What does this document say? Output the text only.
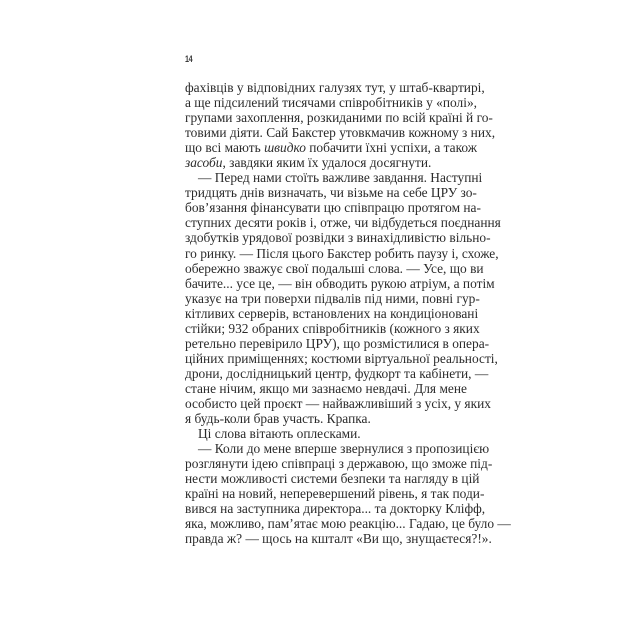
14
фахівців у відповідних галузях тут, у штаб-квартирі,
а ще підсилений тисячами співробітників у «полі»,
групами захоплення, розкиданими по всій країні й го-
товими діяти. Сай Бакстер утовкмачив кожному з них,
що всі мають швидко побачити їхні успіхи, а також
засоби, завдяки яким їх удалося досягнути.
— Перед нами стоїть важливе завдання. Наступні
тридцять днів визначать, чи візьме на себе ЦРУ зо-
бов’язання фінансувати цю співпрацю протягом на-
ступних десяти років і, отже, чи відбудеться поєднання
здобутків урядової розвідки з винахідливістю вільно-
го ринку. — Після цього Бакстер робить паузу і, схоже,
обережно зважує свої подальші слова. — Усе, що ви
бачите... усе це, — він обводить рукою атріум, а потім
указує на три поверхи підвалів під ними, повні гур-
кітливих серверів, встановлених на кондиціоновані
стійки; 932 обраних співробітників (кожного з яких
ретельно перевірило ЦРУ), що розмістилися в опера-
ційних приміщеннях; костюми віртуальної реальності,
дрони, дослідницький центр, фудкорт та кабінети, —
стане нічим, якщо ми зазнаємо невдачі. Для мене
особисто цей проєкт — найважливіший з усіх, у яких
я будь-коли брав участь. Крапка.
Ці слова вітають оплесками.
— Коли до мене вперше звернулися з пропозицією
розглянути ідею співпраці з державою, що зможе під-
нести можливості системи безпеки та нагляду в цій
країні на новий, неперевершений рівень, я так поди-
вився на заступника директора... та докторку Кліфф,
яка, можливо, пам’ятає мою реакцію... Гадаю, це було —
правда ж? — щось на кшталт «Ви що, знущаєтеся?!».
